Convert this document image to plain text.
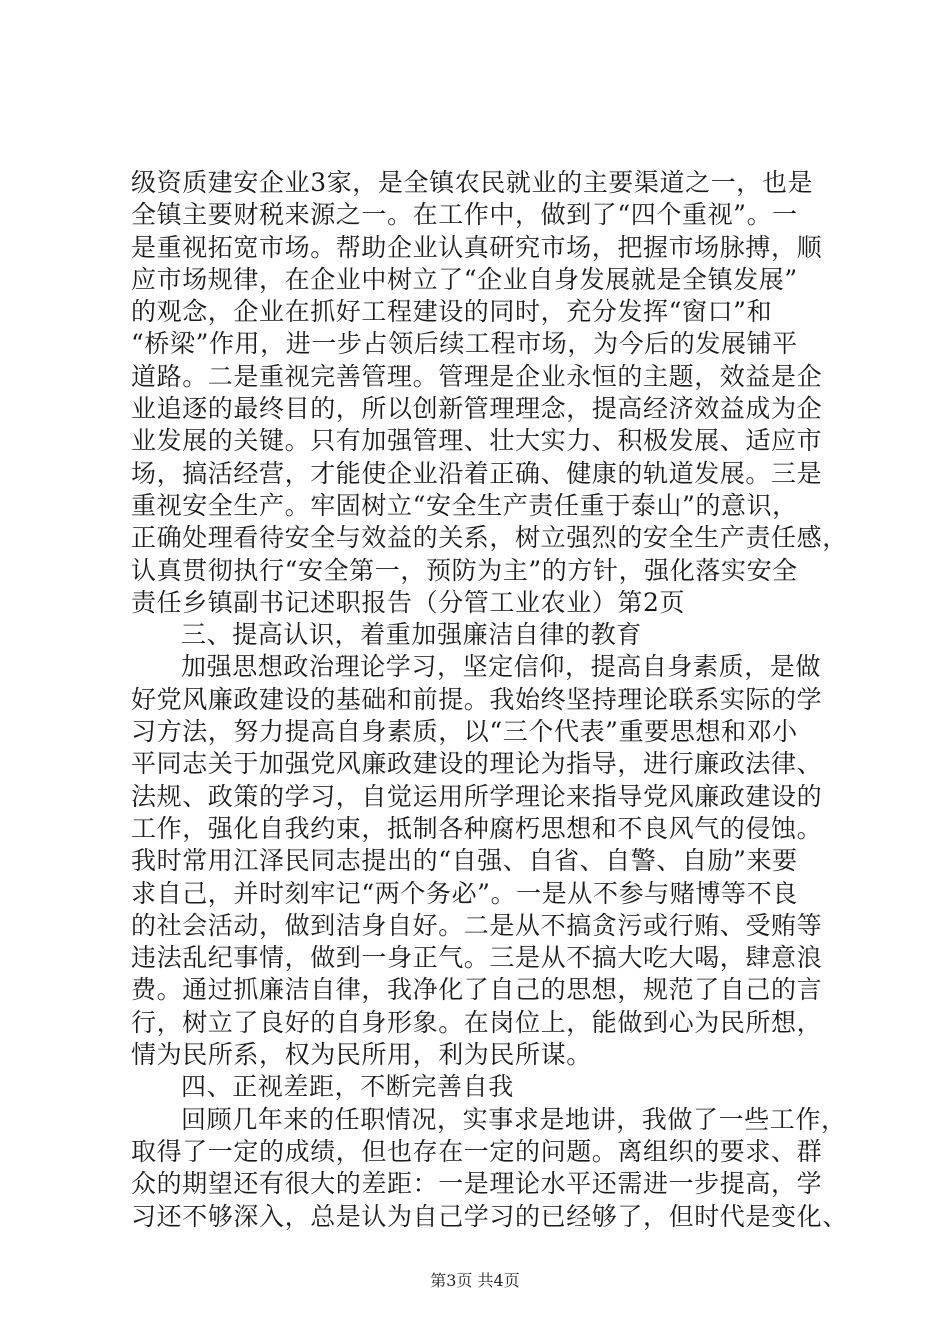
级资质建安企业3家，是全镇农民就业的主要渠道之一，也是
全镇主要财税来源之一。在工作中，做到了“四个重视”。一
是重视拓宽市场。帮助企业认真研究市场，把握市场脉搏，顺
应市场规律，在企业中树立了“企业自身发展就是全镇发展”
的观念，企业在抓好工程建设的同时，充分发挥“窗口”和
“桥梁”作用，进一步占领后续工程市场，为今后的发展铺平
道路。二是重视完善管理。管理是企业永恒的主题，效益是企
业追逐的最终目的，所以创新管理理念，提高经济效益成为企
业发展的关键。只有加强管理、壮大实力、积极发展、适应市
场，搞活经营，才能使企业沿着正确、健康的轨道发展。三是
重视安全生产。牢固树立“安全生产责任重于泰山”的意识，
正确处理看待安全与效益的关系，树立强烈的安全生产责任感，
认真贯彻执行“安全第一，预防为主”的方针，强化落实安全
责任乡镇副书记述职报告（分管工业农业）第2页
三、提高认识，着重加强廉洁自律的教育
加强思想政治理论学习，坚定信仰，提高自身素质，是做
好党风廉政建设的基础和前提。我始终坚持理论联系实际的学
习方法，努力提高自身素质，以“三个代表”重要思想和邓小
平同志关于加强党风廉政建设的理论为指导，进行廉政法律、
法规、政策的学习，自觉运用所学理论来指导党风廉政建设的
工作，强化自我约束，抵制各种腐朽思想和不良风气的侵蚀。
我时常用江泽民同志提出的“自强、自省、自警、自励”来要
求自己，并时刻牢记“两个务必”。一是从不参与赌博等不良
的社会活动，做到洁身自好。二是从不搞贪污或行贿、受贿等
违法乱纪事情，做到一身正气。三是从不搞大吃大喝，肆意浪
费。通过抓廉洁自律，我净化了自己的思想，规范了自己的言
行，树立了良好的自身形象。在岗位上，能做到心为民所想，
情为民所系，权为民所用，利为民所谋。
四、正视差距，不断完善自我
回顾几年来的任职情况，实事求是地讲，我做了一些工作，
取得了一定的成绩，但也存在一定的问题。离组织的要求、群
众的期望还有很大的差距：一是理论水平还需进一步提高，学
习还不够深入，总是认为自己学习的已经够了，但时代是变化、
第3页 共4页
